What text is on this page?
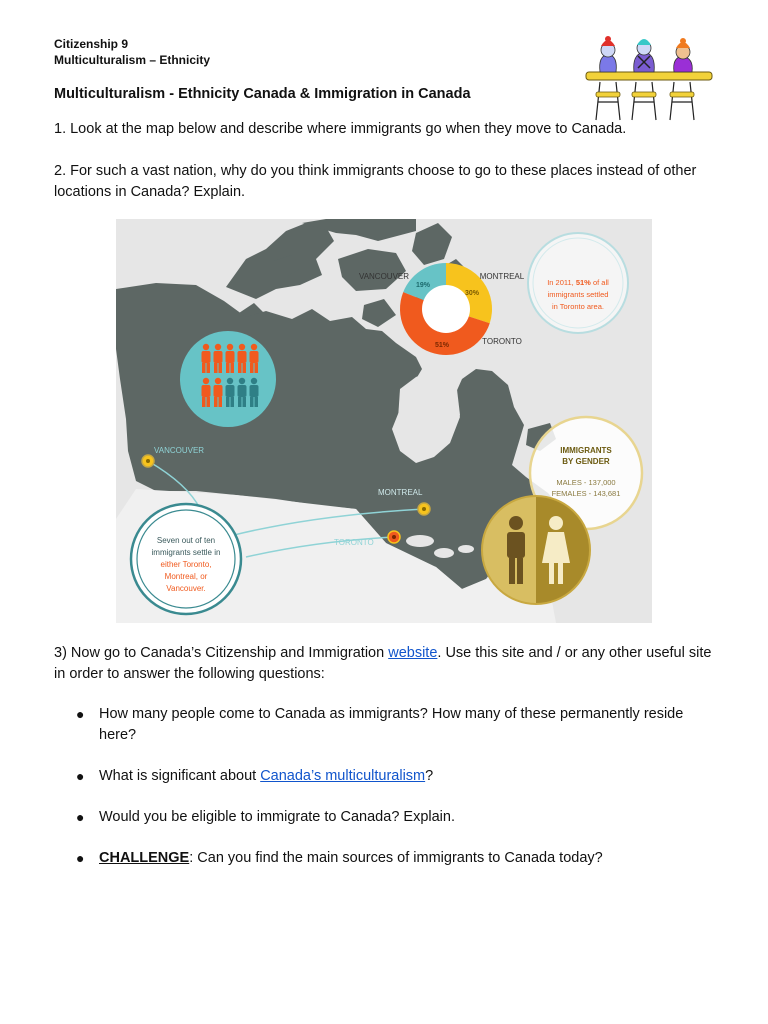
Citizenship 9
Multiculturalism – Ethnicity
Multiculturalism - Ethnicity Canada & Immigration in Canada
1. Look at the map below and describe where immigrants go when they move to Canada.
2. For such a vast nation, why do you think immigrants choose to go to these places instead of other locations in Canada? Explain.
19%
30%
51%
VANCOUVER	MONTREAL
TORONTO
In 2011, 51% of all
immigrants settled
in Toronto area.
VANCOUVER
MONTREAL
TORONTO
Seven out of ten
immigrants settle in
either Toronto,
Montreal, or
Vancouver.
IMMIGRANTS
BY GENDER
MALES - 137,000
FEMALES - 143,681
3) Now go to Canada’s Citizenship and Immigration website. Use this site and / or any other useful site in order to answer the following questions:
● How many people come to Canada as immigrants? How many of these permanently reside here?
● What is significant about Canada’s multiculturalism?
● Would you be eligible to immigrate to Canada? Explain.
● CHALLENGE: Can you find the main sources of immigrants to Canada today?
